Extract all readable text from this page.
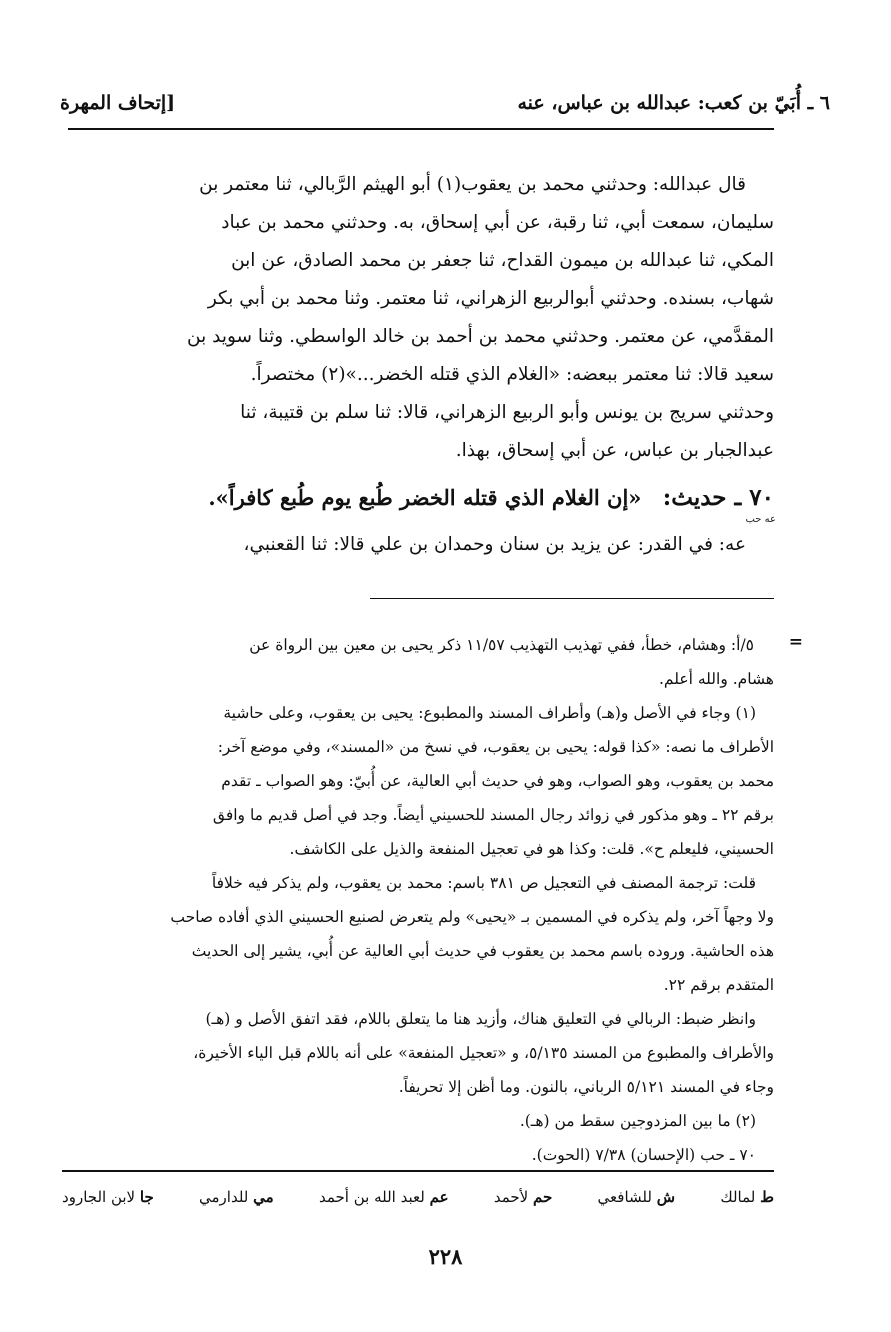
٦ ـ أُبَيّ بن كعب: عبدالله بن عباس، عنه
[إتحاف المهرة

قال عبدالله: وحدثني محمد بن يعقوب(١) أبو الهيثم الرَّبالي، ثنا معتمر بن

سليمان، سمعت أبي، ثنا رقبة، عن أبي إسحاق، به. وحدثني محمد بن عباد

المكي، ثنا عبدالله بن ميمون القداح، ثنا جعفر بن محمد الصادق، عن ابن

شهاب، بسنده. وحدثني أبوالربيع الزهراني، ثنا معتمر. وثنا محمد بن أبي بكر

المقدَّمي، عن معتمر. وحدثني محمد بن أحمد بن خالد الواسطي. وثنا سويد بن

سعيد قالا: ثنا معتمر ببعضه: «الغلام الذي قتله الخضر...»(٢) مختصراً.

وحدثني سريج بن يونس وأبو الربيع الزهراني، قالا: ثنا سلم بن قتيبة، ثنا

عبدالجبار بن عباس، عن أبي إسحاق، بهذا.

٧٠ ـ حديث: «إن الغلام الذي قتله الخضر طُبع يوم طُبع كافراً».
عه حب
عه: في القدر: عن يزيد بن سنان وحمدان بن علي قالا: ثنا القعنبي،
=

٥/أ: وهشام، خطأ، ففي تهذيب التهذيب ١١/٥٧ ذكر يحيى بن معين بين الرواة عن

هشام. والله أعلم.

(١) وجاء في الأصل و(هـ) وأطراف المسند والمطبوع: يحيى بن يعقوب، وعلى حاشية

الأطراف ما نصه: «كذا قوله: يحيى بن يعقوب، في نسخ من «المسند»، وفي موضع آخر:

محمد بن يعقوب، وهو الصواب، وهو في حديث أبي العالية، عن أُبيّ: وهو الصواب ـ تقدم

برقم ٢٢ ـ وهو مذكور في زوائد رجال المسند للحسيني أيضاً. وجد في أصل قديم ما وافق

الحسيني، فليعلم ح». قلت: وكذا هو في تعجيل المنفعة والذيل على الكاشف.

قلت: ترجمة المصنف في التعجيل ص ٣٨١ باسم: محمد بن يعقوب، ولم يذكر فيه خلافاً

ولا وجهاً آخر، ولم يذكره في المسمين بـ «يحيى» ولم يتعرض لصنيع الحسيني الذي أفاده صاحب

هذه الحاشية. وروده باسم محمد بن يعقوب في حديث أبي العالية عن أُبي، يشير إلى الحديث

المتقدم برقم ٢٢.

وانظر ضبط: الربالي في التعليق هناك، وأزيد هنا ما يتعلق باللام، فقد اتفق الأصل و (هـ)

والأطراف والمطبوع من المسند ٥/١٣٥، و «تعجيل المنفعة» على أنه باللام قبل الياء الأخيرة،

وجاء في المسند ٥/١٢١ الرباني، بالنون. وما أظن إلا تحريفاً.

(٢) ما بين المزدوجين سقط من (هـ).

٧٠ ـ حب (الإحسان) ٧/٣٨ (الحوت).

ط لمالك
ش للشافعي
حم لأحمد
عم لعبد الله بن أحمد
مي للدارمي
جا لابن الجارود
٢٢٨
